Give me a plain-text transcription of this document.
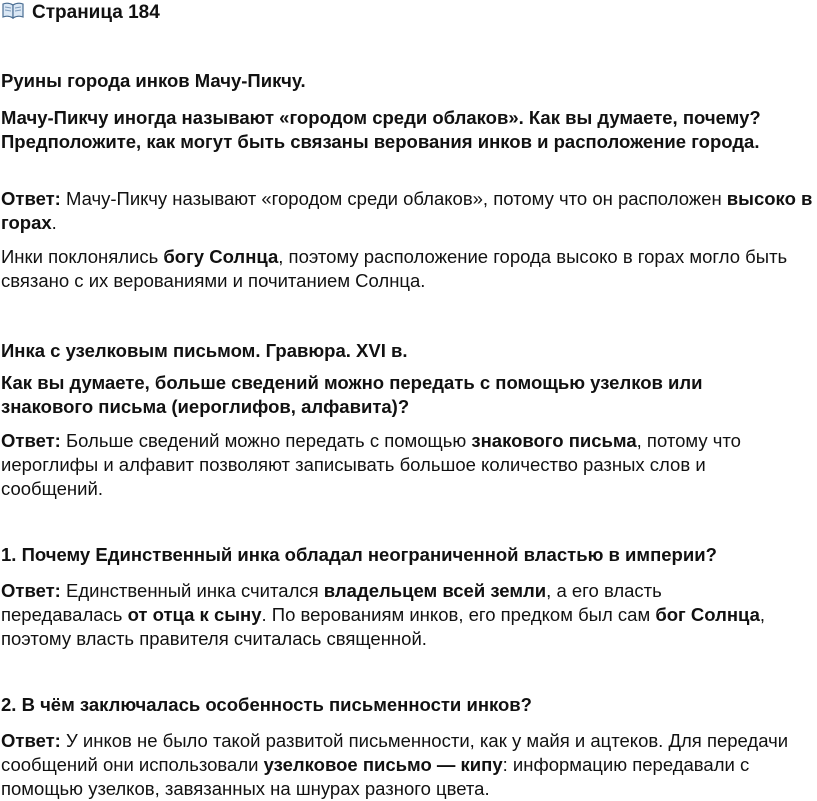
Страница 184

Руины города инков Мачу-Пикчу.

Мачу-Пикчу иногда называют «городом среди облаков». Как вы думаете, почему? Предположите, как могут быть связаны верования инков и расположение города.

Ответ: Мачу-Пикчу называют «городом среди облаков», потому что он расположен высоко в горах.

Инки поклонялись богу Солнца, поэтому расположение города высоко в горах могло быть связано с их верованиями и почитанием Солнца.

Инка с узелковым письмом. Гравюра. XVI в.

Как вы думаете, больше сведений можно передать с помощью узелков или знакового письма (иероглифов, алфавита)?

Ответ: Больше сведений можно передать с помощью знакового письма, потому что иероглифы и алфавит позволяют записывать большое количество разных слов и сообщений.

1. Почему Единственный инка обладал неограниченной властью в империи?

Ответ: Единственный инка считался владельцем всей земли, а его власть передавалась от отца к сыну. По верованиям инков, его предком был сам бог Солнца, поэтому власть правителя считалась священной.

2. В чём заключалась особенность письменности инков?

Ответ: У инков не было такой развитой письменности, как у майя и ацтеков. Для передачи сообщений они использовали узелковое письмо — кипу: информацию передавали с помощью узелков, завязанных на шнурах разного цвета.
